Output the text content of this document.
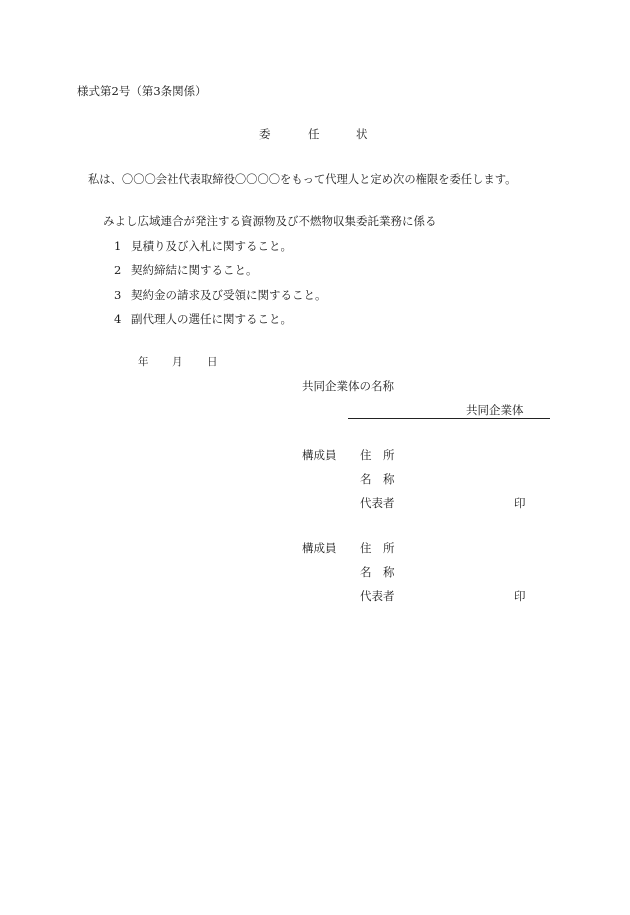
様式第2号（第3条関係）
委	任	状
私は、〇〇〇会社代表取締役〇〇〇〇をもって代理人と定め次の権限を委任します。
みよし広域連合が発注する資源物及び不燃物収集委託業務に係る
1 見積り及び入札に関すること。
2 契約締結に関すること。
3 契約金の請求及び受領に関すること。
4 副代理人の選任に関すること。
年 月 日
共同企業体の名称
共同企業体
構成員 住　所
名　称
代表者	印
構成員 住　所
名　称
代表者	印
